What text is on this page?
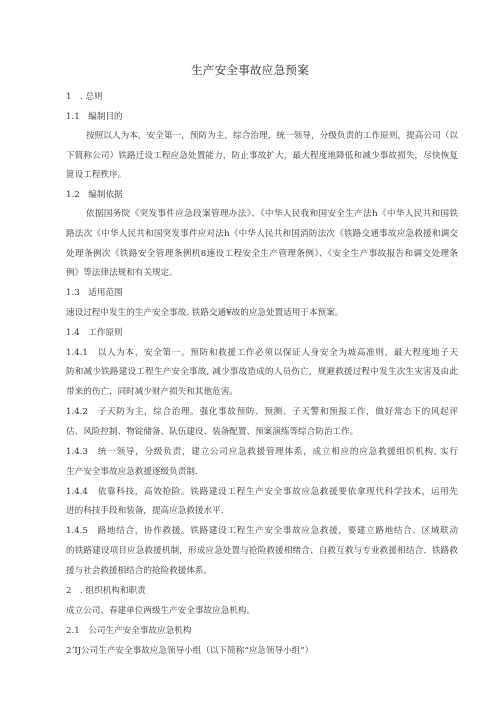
生产安全事故应急预案
1　. 总则
1.1　编制目的
按照以人为本，安全第一，预防为主，综合治理，统一领导，分级负责的工作原则，提高公司（以
下简称公司）铁路迁设工程应急处置能力，防止事故扩大，最大程度地降低和减少事故损失，尽快恢复
篦设工程秩序。
1.2　编制依据
依据国务院《突发事件应急段案管理办法》、《中华人民我和国安全生产法h《中华人民共和国铁
路法次《中华人民共和国突发事件应对法h《中华人民共和国消防法次《铁路交通事故应急救援和调交
处理条例次《铁路安全管理条例机8速设工程安全生产管理条例》、《安全生产事故报告和调交处理条
例》等法律法规和有关规定。
1.3　适用范围
速设过程中发生的生产安全事故. 铁路交通¥故的应急处置适用于本预案。
1.4　工作原则
1.4.1　以人为本，安全第一。预防和救援工作必须以保证人身安全为坡高准则，最大程度地子天
防和减少铁路建设工程生产安全事故, 减少事故造成的人员伤亡，规避救援过程中发生次生灾害及由此
带来的伤亡，同时减少财产损失和其他危害。
1.4.2　子天防为主，综合治理。强化事故预防、预测、子天警和预报工作，做好常态下的风起评
估、风险控制、物锭储备、队伍建设、装备配置、预案演练等综合防治工作。
1.4.3　统一领导，分级负责，建立公司应急救援管理体系，成立相应的应急救援组织机构, 实行
生产安全事故应急救援逐级负责制.
1.4.4　依靠科技，高效抢险。铁路建设工程生产安全事故应急救援要依拿现代科学技术，运用先
进的科技手段和装备，提高应急救援水平.
1.4.5　路地结合，协作救援。铁路建设工程生产安全事故应急救援，要建立路地结合、区域联动
的铁路建设项目应急救援机制，形成应急处置与抢险救援相绪合、自救互救与专业救援相结合、铁路救
援与社会救援相结合的抢险救援体系。
2　. 组织机构和职责
成立公司、春建单位两级生产安全事故应急机构。
2.1　公司生产安全事故应急机构
2ʼIJ公司生产安全事故应急领导小组（以下简称“应急领导小组”）
